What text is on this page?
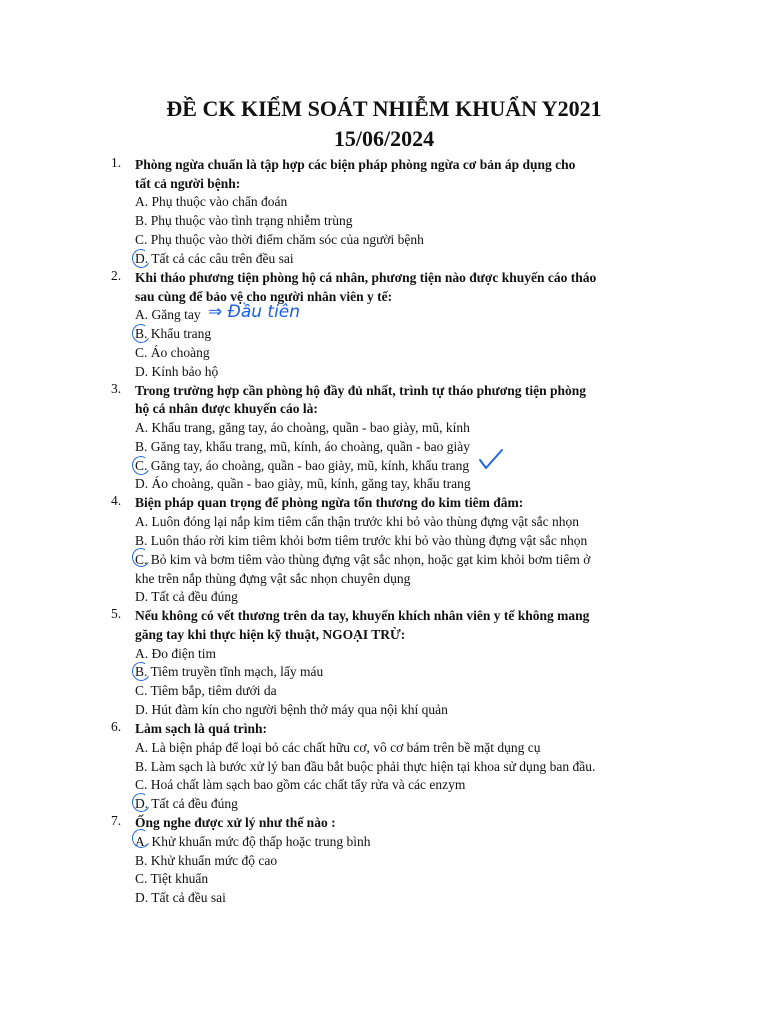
ĐỀ CK KIỂM SOÁT NHIỄM KHUẨN Y2021
15/06/2024
1. Phòng ngừa chuẩn là tập hợp các biện pháp phòng ngừa cơ bản áp dụng cho
tất cả người bệnh:
A. Phụ thuộc vào chẩn đoán
B. Phụ thuộc vào tình trạng nhiễm trùng
C. Phụ thuộc vào thời điểm chăm sóc của người bệnh
D. Tất cả các câu trên đều sai
2. Khi tháo phương tiện phòng hộ cá nhân, phương tiện nào được khuyến cáo tháo
sau cùng để bảo vệ cho người nhân viên y tế:
A. Găng tay ⇒ Đầu tiên
B. Khẩu trang
C. Áo choàng
D. Kính bảo hộ
3. Trong trường hợp cần phòng hộ đầy đủ nhất, trình tự tháo phương tiện phòng
hộ cá nhân được khuyến cáo là:
A. Khẩu trang, găng tay, áo choàng, quần - bao giày, mũ, kính
B. Găng tay, khẩu trang, mũ, kính, áo choàng, quần - bao giày
C. Găng tay, áo choàng, quần - bao giày, mũ, kính, khẩu trang
D. Áo choàng, quần - bao giày, mũ, kính, găng tay, khẩu trang
4. Biện pháp quan trọng để phòng ngừa tổn thương do kim tiêm đâm:
A. Luôn đóng lại nắp kim tiêm cẩn thận trước khi bỏ vào thùng đựng vật sắc nhọn
B. Luôn tháo rời kim tiêm khỏi bơm tiêm trước khi bỏ vào thùng đựng vật sắc nhọn
C. Bỏ kim và bơm tiêm vào thùng đựng vật sắc nhọn, hoặc gạt kim khỏi bơm tiêm ở
khe trên nắp thùng đựng vật sắc nhọn chuyên dụng
D. Tất cả đều đúng
5. Nếu không có vết thương trên da tay, khuyến khích nhân viên y tế không mang
găng tay khi thực hiện kỹ thuật, NGOẠI TRỪ:
A. Đo điện tim
B. Tiêm truyền tĩnh mạch, lấy máu
C. Tiêm bắp, tiêm dưới da
D. Hút đàm kín cho người bệnh thở máy qua nội khí quản
6. Làm sạch là quá trình:
A. Là biện pháp để loại bỏ các chất hữu cơ, vô cơ bám trên bề mặt dụng cụ
B. Làm sạch là bước xử lý ban đầu bắt buộc phải thực hiện tại khoa sử dụng ban đầu.
C. Hoá chất làm sạch bao gồm các chất tẩy rửa và các enzym
D. Tất cả đều đúng
7. Ống nghe được xử lý như thế nào :
A. Khử khuẩn mức độ thấp hoặc trung bình
B. Khử khuẩn mức độ cao
C. Tiệt khuẩn
D. Tất cả đều sai
